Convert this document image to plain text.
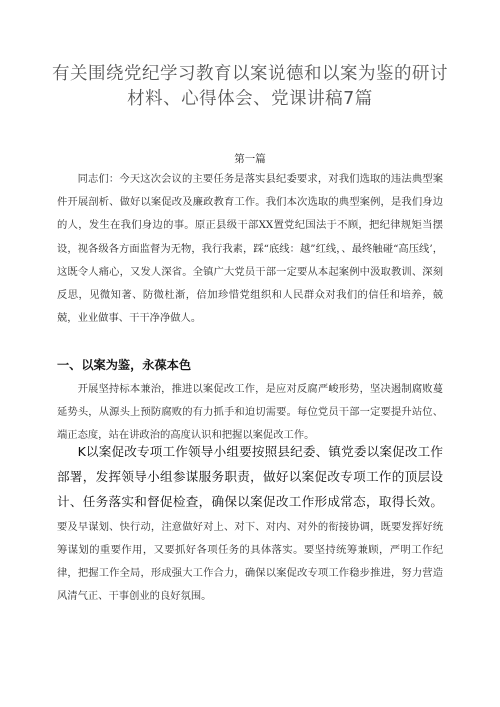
有关围绕党纪学习教育以案说德和以案为鉴的研讨
材料、心得体会、党课讲稿7篇
第一篇

同志们：今天这次会议的主要任务是落实县纪委要求，对我们选取的违法典型案件开展剖析、做好以案促改及廉政教育工作。我们本次选取的典型案例，是我们身边的人，发生在我们身边的事。原正县级干部XX置党纪国法于不顾，把纪律规矩当摆设，视各级各方面监督为无物，我行我素，踩“底线：越”红线，、最终触碰“高压线’，这既令人痛心，又发人深省。全镇广大党员干部一定要从本起案例中汲取教训、深刻反思，见微知著、防微杜渐，倍加珍惜党组织和人民群众对我们的信任和培养，兢兢，业业做事、干干净净做人。

一、以案为鉴，永葆本色

开展坚持标本兼治，推进以案促改工作，是应对反腐严峻形势，坚决遏制腐败蔓延势头，从源头上预防腐败的有力抓手和迫切需要。每位党员干部一定要提升站位、端正态度，站在讲政治的高度认识和把握以案促改工作。

K以案促改专项工作领导小组要按照县纪委、镇党委以案促改工作部署，发挥领导小组参谋服务职责，做好以案促改专项工作的顶层设计、任务落实和督促检查，确保以案促改工作形成常态，取得长效。要及早谋划、快行动，注意做好对上、对下、对内、对外的衔接协调，既要发挥好统筹谋划的重要作用，又要抓好各项任务的具体落实。要坚持统筹兼顾，严明工作纪律，把握工作全局，形成强大工作合力，确保以案促改专项工作稳步推进，努力营造风清气正、干事创业的良好氛围。
